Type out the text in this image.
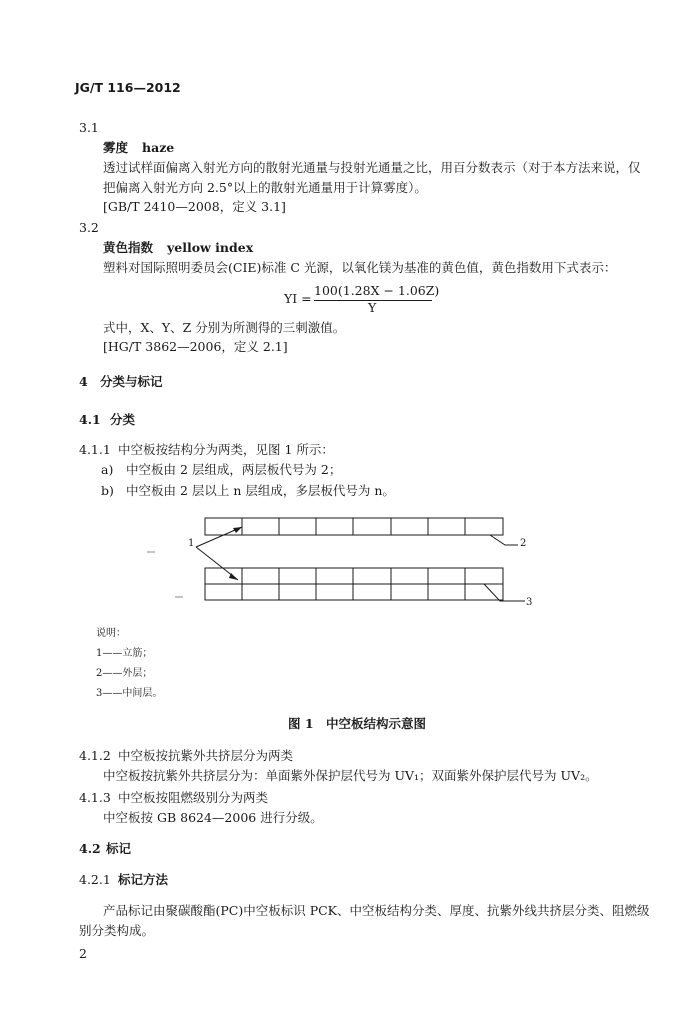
JG/T 116—2012
3.1
雾度 haze
透过试样面偏离入射光方向的散射光通量与投射光通量之比，用百分数表示（对于本方法来说，仅
把偏离入射光方向 2.5°以上的散射光通量用于计算雾度）。
[GB/T 2410—2008，定义 3.1]
3.2
黄色指数 yellow index
塑料对国际照明委员会(CIE)标准 C 光源，以氧化镁为基准的黄色值，黄色指数用下式表示：
YI =
100(1.28X − 1.06Z)
Y
式中，X、Y、Z 分别为所测得的三刺激值。
[HG/T 3862—2006，定义 2.1]
4 分类与标记
4.1 分类
4.1.1 中空板按结构分为两类，见图 1 所示：
a) 中空板由 2 层组成，两层板代号为 2；
b) 中空板由 2 层以上 n 层组成，多层板代号为 n。
1	2
3
说明：
1——立筋；
2——外层；
3——中间层。
图 1　中空板结构示意图
4.1.2 中空板按抗紫外共挤层分为两类
中空板按抗紫外共挤层分为：单面紫外保护层代号为 UV₁；双面紫外保护层代号为 UV₂。
4.1.3 中空板按阻燃级别分为两类
中空板按 GB 8624—2006 进行分级。
4.2 标记
4.2.1 标记方法
产品标记由聚碳酸酯(PC)中空板标识 PCK、中空板结构分类、厚度、抗紫外线共挤层分类、阻燃级
别分类构成。
2
